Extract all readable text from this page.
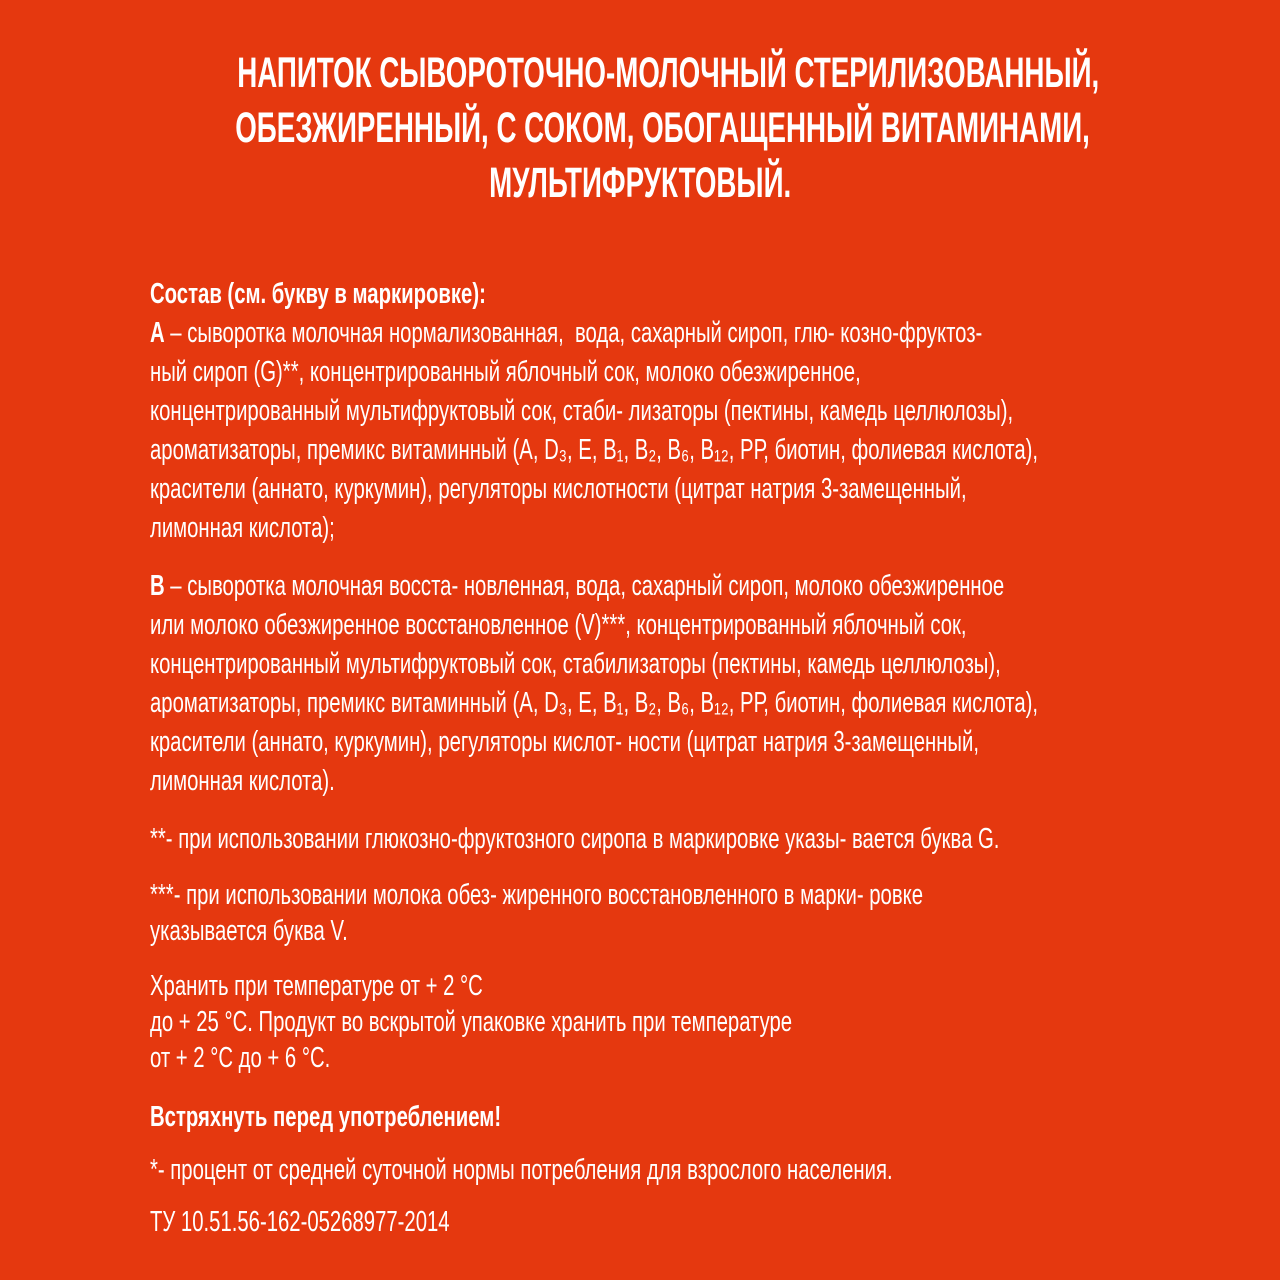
НАПИТОК СЫВОРОТОЧНО-МОЛОЧНЫЙ СТЕРИЛИЗОВАННЫЙ,
ОБЕЗЖИРЕННЫЙ, С СОКОМ, ОБОГАЩЕННЫЙ ВИТАМИНАМИ,
МУЛЬТИФРУКТОВЫЙ.
Состав (см. букву в маркировке):
А – сыворотка молочная нормализованная,  вода, сахарный сироп, глю- козно-фруктоз-
ный сироп (G)**, концентрированный яблочный сок, молоко обезжиренное,
концентрированный мультифруктовый сок, стаби- лизаторы (пектины, камедь целлюлозы),
ароматизаторы, премикс витаминный (А, D₃, Е, В₁, В₂, В₆, В₁₂, РР, биотин, фолиевая кислота),
красители (аннато, куркумин), регуляторы кислотности (цитрат натрия 3-замещенный,
лимонная кислота);
В – сыворотка молочная восста- новленная, вода, сахарный сироп, молоко обезжиренное
или молоко обезжиренное восстановленное (V)***, концентрированный яблочный сок,
концентрированный мультифруктовый сок, стабилизаторы (пектины, камедь целлюлозы),
ароматизаторы, премикс витаминный (А, D₃, Е, В₁, В₂, В₆, В₁₂, РР, биотин, фолиевая кислота),
красители (аннато, куркумин), регуляторы кислот- ности (цитрат натрия 3-замещенный,
лимонная кислота).
**- при использовании глюкозно-фруктозного сиропа в маркировке указы- вается буква G.
***- при использовании молока обез- жиренного восстановленного в марки- ровке
указывается буква V.
Хранить при температуре от + 2 °С
до + 25 °С. Продукт во вскрытой упаковке хранить при температуре
от + 2 °С до + 6 °С.
Встряхнуть перед употреблением!
*- процент от средней суточной нормы потребления для взрослого населения.
ТУ 10.51.56-162-05268977-2014
